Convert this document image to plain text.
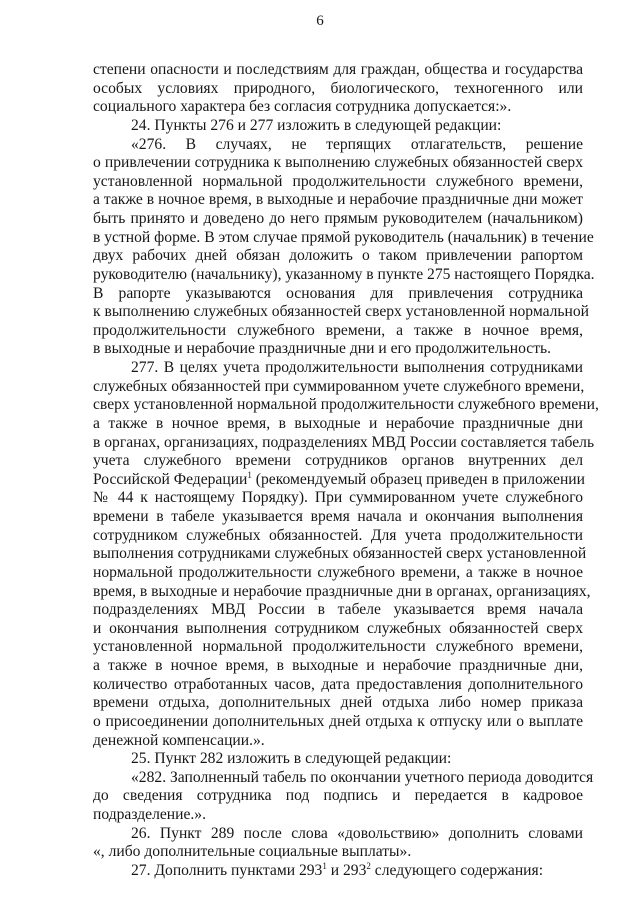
6
степени опасности и последствиям для граждан, общества и государства
особых условиях природного, биологического, техногенного или
социального характера без согласия сотрудника допускается:».
24. Пункты 276 и 277 изложить в следующей редакции:
«276. В случаях, не терпящих отлагательств, решение
о привлечении сотрудника к выполнению служебных обязанностей сверх
установленной нормальной продолжительности служебного времени,
а также в ночное время, в выходные и нерабочие праздничные дни может
быть принято и доведено до него прямым руководителем (начальником)
в устной форме. В этом случае прямой руководитель (начальник) в течение
двух рабочих дней обязан доложить о таком привлечении рапортом
руководителю (начальнику), указанному в пункте 275 настоящего Порядка.
В рапорте указываются основания для привлечения сотрудника
к выполнению служебных обязанностей сверх установленной нормальной
продолжительности служебного времени, а также в ночное время,
в выходные и нерабочие праздничные дни и его продолжительность.
277. В целях учета продолжительности выполнения сотрудниками
служебных обязанностей при суммированном учете служебного времени,
сверх установленной нормальной продолжительности служебного времени,
а также в ночное время, в выходные и нерабочие праздничные дни
в органах, организациях, подразделениях МВД России составляется табель
учета служебного времени сотрудников органов внутренних дел
Российской Федерации$^1$ (рекомендуемый образец приведен в приложении
№ 44 к настоящему Порядку). При суммированном учете служебного
времени в табеле указывается время начала и окончания выполнения
сотрудником служебных обязанностей. Для учета продолжительности
выполнения сотрудниками служебных обязанностей сверх установленной
нормальной продолжительности служебного времени, а также в ночное
время, в выходные и нерабочие праздничные дни в органах, организациях,
подразделениях МВД России в табеле указывается время начала
и окончания выполнения сотрудником служебных обязанностей сверх
установленной нормальной продолжительности служебного времени,
а также в ночное время, в выходные и нерабочие праздничные дни,
количество отработанных часов, дата предоставления дополнительного
времени отдыха, дополнительных дней отдыха либо номер приказа
о присоединении дополнительных дней отдыха к отпуску или о выплате
денежной компенсации.».
25. Пункт 282 изложить в следующей редакции:
«282. Заполненный табель по окончании учетного периода доводится
до сведения сотрудника под подпись и передается в кадровое
подразделение.».
26. Пункт 289 после слова «довольствию» дополнить словами
«, либо дополнительные социальные выплаты».
27. Дополнить пунктами $293^1$ и $293^2$ следующего содержания:
